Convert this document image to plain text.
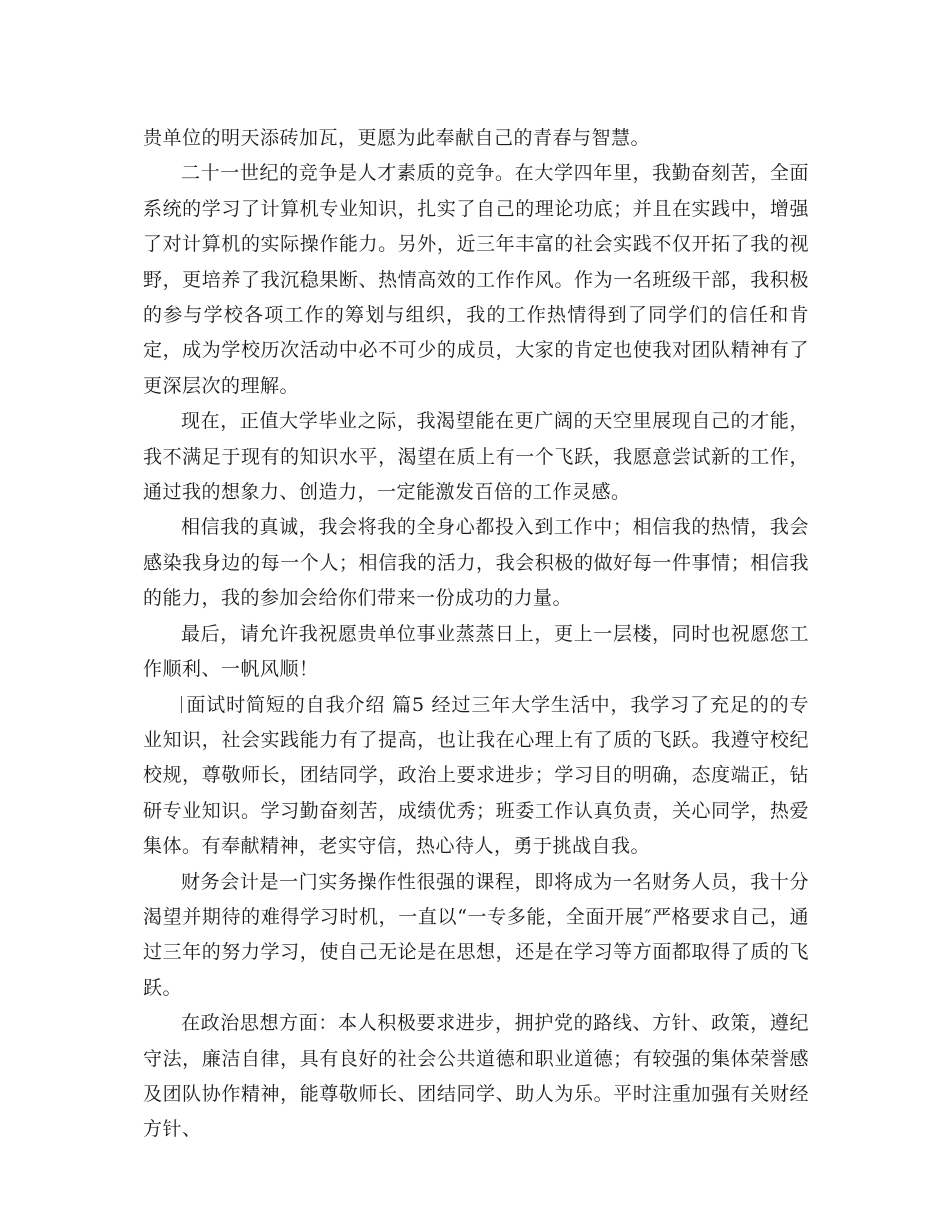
贵单位的明天添砖加瓦，更愿为此奉献自己的青春与智慧。

二十一世纪的竞争是人才素质的竞争。在大学四年里，我勤奋刻苦，全面系统的学习了计算机专业知识，扎实了自己的理论功底；并且在实践中，增强了对计算机的实际操作能力。另外，近三年丰富的社会实践不仅开拓了我的视野，更培养了我沉稳果断、热情高效的工作作风。作为一名班级干部，我积极的参与学校各项工作的筹划与组织，我的工作热情得到了同学们的信任和肯定，成为学校历次活动中必不可少的成员，大家的肯定也使我对团队精神有了更深层次的理解。

现在，正值大学毕业之际，我渴望能在更广阔的天空里展现自己的才能，我不满足于现有的知识水平，渴望在质上有一个飞跃，我愿意尝试新的工作，通过我的想象力、创造力，一定能激发百倍的工作灵感。

相信我的真诚，我会将我的全身心都投入到工作中；相信我的热情，我会感染我身边的每一个人；相信我的活力，我会积极的做好每一件事情；相信我的能力，我的参加会给你们带来一份成功的力量。

最后，请允许我祝愿贵单位事业蒸蒸日上，更上一层楼，同时也祝愿您工作顺利、一帆风顺！

面试时简短的自我介绍 篇5 经过三年大学生活中，我学习了充足的的专业知识，社会实践能力有了提高，也让我在心理上有了质的飞跃。我遵守校纪校规，尊敬师长，团结同学，政治上要求进步；学习目的明确，态度端正，钻研专业知识。学习勤奋刻苦，成绩优秀；班委工作认真负责，关心同学，热爱集体。有奉献精神，老实守信，热心待人，勇于挑战自我。

财务会计是一门实务操作性很强的课程，即将成为一名财务人员，我十分渴望并期待的难得学习时机，一直以“一专多能，全面开展″严格要求自己，通过三年的努力学习，使自己无论是在思想，还是在学习等方面都取得了质的飞跃。

在政治思想方面：本人积极要求进步，拥护党的路线、方针、政策，遵纪守法，廉洁自律，具有良好的社会公共道德和职业道德；有较强的集体荣誉感及团队协作精神，能尊敬师长、团结同学、助人为乐。平时注重加强有关财经方针、
